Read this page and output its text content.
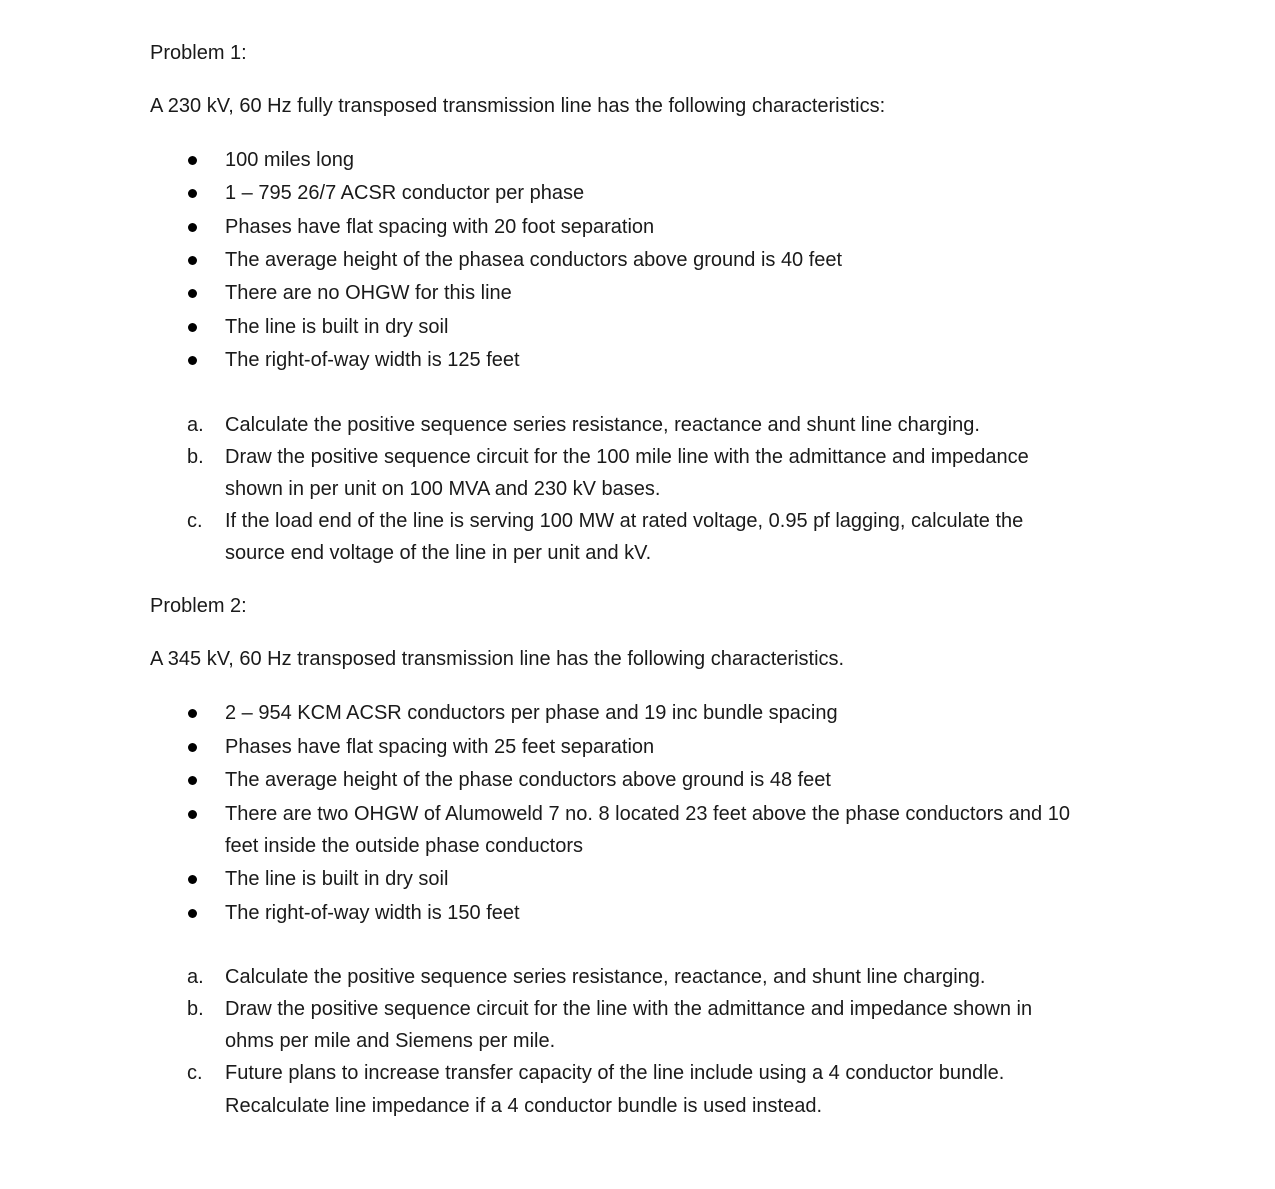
Problem 1:
A 230 kV, 60 Hz fully transposed transmission line has the following characteristics:
100 miles long
1 – 795 26/7 ACSR conductor per phase
Phases have flat spacing with 20 foot separation
The average height of the phasea conductors above ground is 40 feet
There are no OHGW for this line
The line is built in dry soil
The right-of-way width is 125 feet
a. Calculate the positive sequence series resistance, reactance and shunt line charging.
b. Draw the positive sequence circuit for the 100 mile line with the admittance and impedance
shown in per unit on 100 MVA and 230 kV bases.
c. If the load end of the line is serving 100 MW at rated voltage, 0.95 pf lagging, calculate the
source end voltage of the line in per unit and kV.
Problem 2:
A 345 kV, 60 Hz transposed transmission line has the following characteristics.
2 – 954 KCM ACSR conductors per phase and 19 inc bundle spacing
Phases have flat spacing with 25 feet separation
The average height of the phase conductors above ground is 48 feet
There are two OHGW of Alumoweld 7 no. 8 located 23 feet above the phase conductors and 10
feet inside the outside phase conductors
The line is built in dry soil
The right-of-way width is 150 feet
a. Calculate the positive sequence series resistance, reactance, and shunt line charging.
b. Draw the positive sequence circuit for the line with the admittance and impedance shown in
ohms per mile and Siemens per mile.
c. Future plans to increase transfer capacity of the line include using a 4 conductor bundle.
Recalculate line impedance if a 4 conductor bundle is used instead.
